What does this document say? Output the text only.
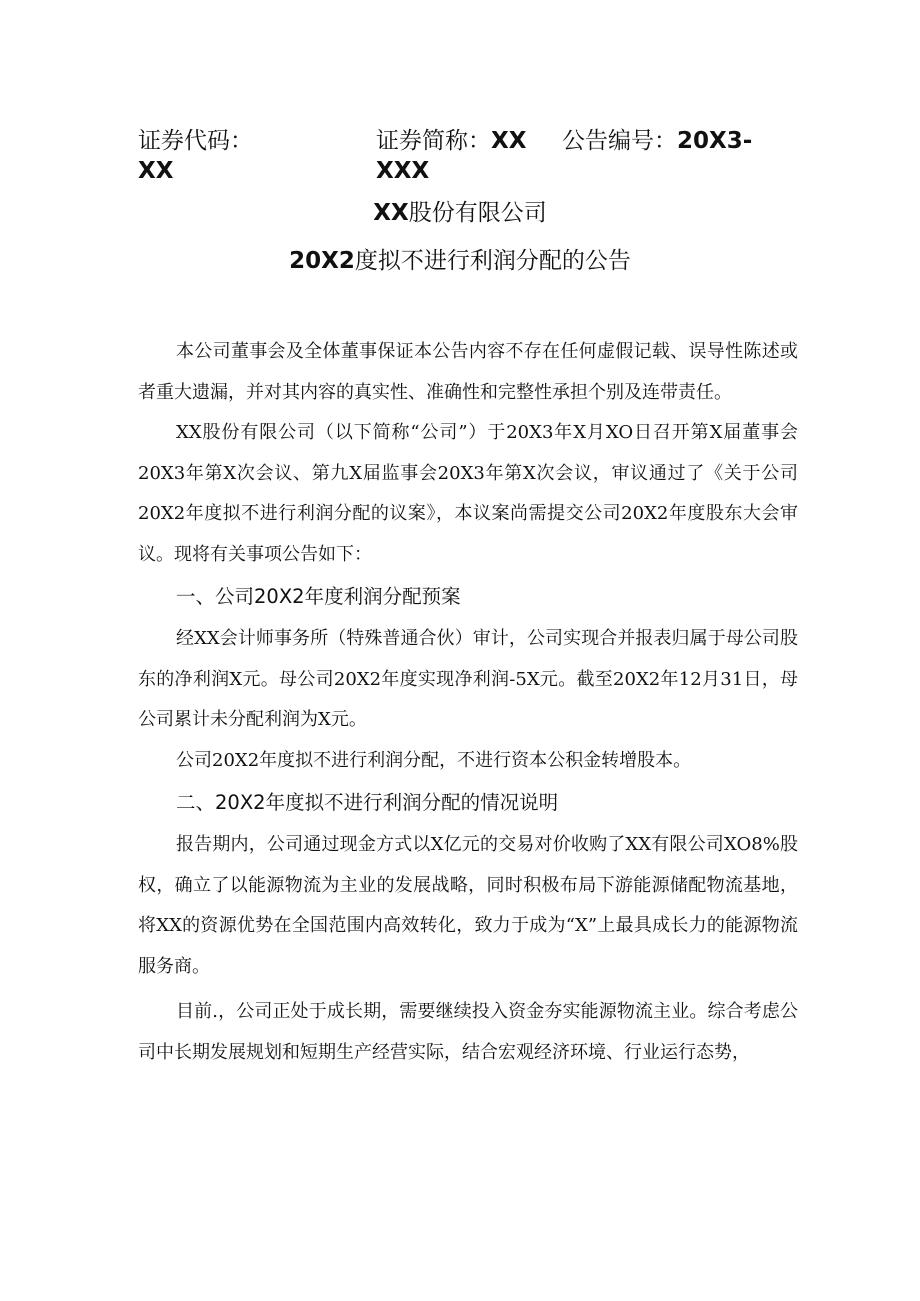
证券代码：	证券简称：XX 公告编号：20X3-
XX	XXX
XX股份有限公司
20X2度拟不进行利润分配的公告

本公司董事会及全体董事保证本公告内容不存在任何虚假记载、误导性陈述或者重大遗漏，并对其内容的真实性、准确性和完整性承担个别及连带责任。

XX股份有限公司（以下简称“公司”）于20X3年X月XO日召开第X届董事会20X3年第X次会议、第九X届监事会20X3年第X次会议，审议通过了《关于公司20X2年度拟不进行利润分配的议案》，本议案尚需提交公司20X2年度股东大会审议。现将有关事项公告如下：

一、公司20X2年度利润分配预案

经XX会计师事务所（特殊普通合伙）审计，公司实现合并报表归属于母公司股东的净利润X元。母公司20X2年度实现净利润-5X元。截至20X2年12月31日，母公司累计未分配利润为X元。

公司20X2年度拟不进行利润分配，不进行资本公积金转增股本。

二、20X2年度拟不进行利润分配的情况说明

报告期内，公司通过现金方式以X亿元的交易对价收购了XX有限公司XO8%股权，确立了以能源物流为主业的发展战略，同时积极布局下游能源储配物流基地，将XX的资源优势在全国范围内高效转化，致力于成为“X”上最具成长力的能源物流服务商。

目前.，公司正处于成长期，需要继续投入资金夯实能源物流主业。综合考虑公司中长期发展规划和短期生产经营实际，结合宏观经济环境、行业运行态势，
